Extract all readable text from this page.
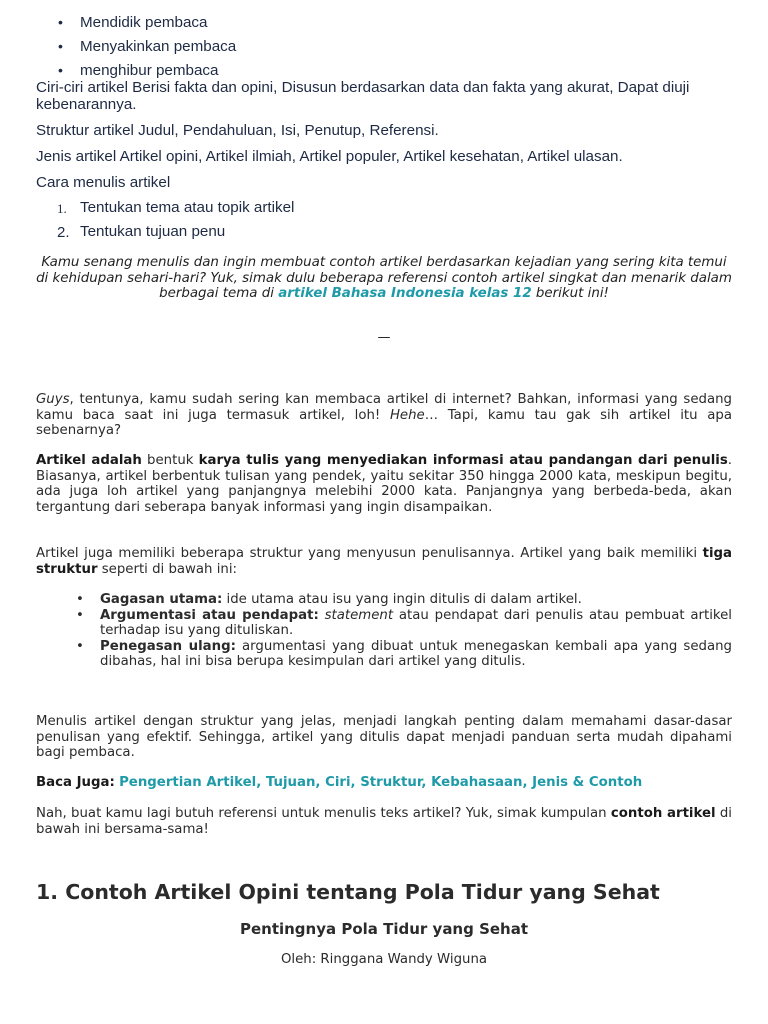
• Mendidik pembaca
• Menyakinkan pembaca
• menghibur pembaca

Ciri-ciri artikel Berisi fakta dan opini, Disusun berdasarkan data dan fakta yang akurat, Dapat diuji kebenarannya.

Struktur artikel Judul, Pendahuluan, Isi, Penutup, Referensi.

Jenis artikel Artikel opini, Artikel ilmiah, Artikel populer, Artikel kesehatan, Artikel ulasan.

Cara menulis artikel

1. Tentukan tema atau topik artikel
2. Tentukan tujuan penu

Kamu senang menulis dan ingin membuat contoh artikel berdasarkan kejadian yang sering kita temui di kehidupan sehari-hari? Yuk, simak dulu beberapa referensi contoh artikel singkat dan menarik dalam berbagai tema di artikel Bahasa Indonesia kelas 12 berikut ini!

—

Guys, tentunya, kamu sudah sering kan membaca artikel di internet? Bahkan, informasi yang sedang kamu baca saat ini juga termasuk artikel, loh! Hehe… Tapi, kamu tau gak sih artikel itu apa sebenarnya?

Artikel adalah bentuk karya tulis yang menyediakan informasi atau pandangan dari penulis. Biasanya, artikel berbentuk tulisan yang pendek, yaitu sekitar 350 hingga 2000 kata, meskipun begitu, ada juga loh artikel yang panjangnya melebihi 2000 kata. Panjangnya yang berbeda-beda, akan tergantung dari seberapa banyak informasi yang ingin disampaikan.

Artikel juga memiliki beberapa struktur yang menyusun penulisannya. Artikel yang baik memiliki tiga struktur seperti di bawah ini:

• Gagasan utama: ide utama atau isu yang ingin ditulis di dalam artikel.
• Argumentasi atau pendapat: statement atau pendapat dari penulis atau pembuat artikel terhadap isu yang dituliskan.
• Penegasan ulang: argumentasi yang dibuat untuk menegaskan kembali apa yang sedang dibahas, hal ini bisa berupa kesimpulan dari artikel yang ditulis.

Menulis artikel dengan struktur yang jelas, menjadi langkah penting dalam memahami dasar-dasar penulisan yang efektif. Sehingga, artikel yang ditulis dapat menjadi panduan serta mudah dipahami bagi pembaca.

Baca Juga: Pengertian Artikel, Tujuan, Ciri, Struktur, Kebahasaan, Jenis & Contoh

Nah, buat kamu lagi butuh referensi untuk menulis teks artikel? Yuk, simak kumpulan contoh artikel di bawah ini bersama-sama!

1. Contoh Artikel Opini tentang Pola Tidur yang Sehat
Pentingnya Pola Tidur yang Sehat
Oleh: Ringgana Wandy Wiguna
